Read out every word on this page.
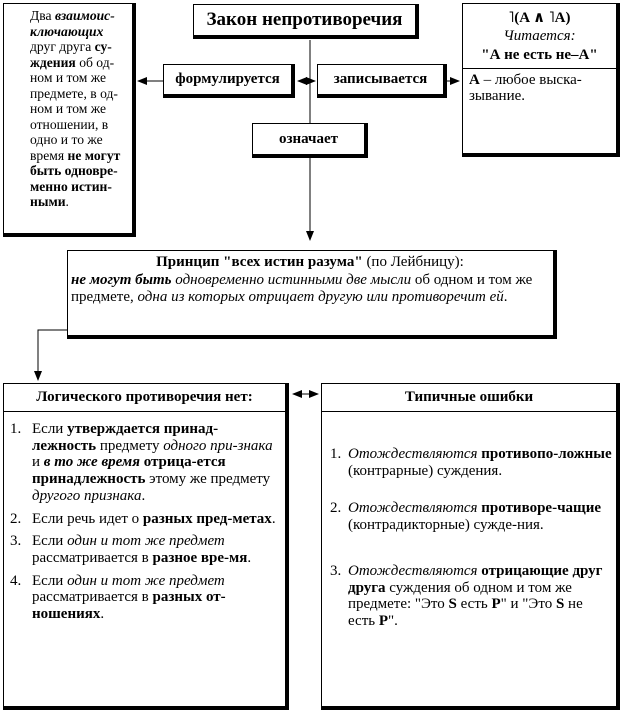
Закон непротиворечия
Два взаимоис-ключающих друг друга су-ждения об од-ном и том же предмете, в од-ном и том же отношении, в одно и то же время не могут быть одновре-менно истин-ными.
˥(A ∧ ˥A)
Читается:
"А не есть не–А"
А – любое выска-зывание.
формулируется	записывается
означает
Принцип "всех истин разума" (по Лейбницу):
не могут быть одновременно истинными две мысли об одном и том же предмете, одна из которых отрицает другую или противоречит ей.
Логического противоречия нет:
1. Если утверждается принад-лежность предмету одного при-знака и в то же время отрица-ется принадлежность этому же предмету другого признака.
2. Если речь идет о разных пред-метах.
3. Если один и тот же предмет рассматривается в разное вре-мя.
4. Если один и тот же предмет рассматривается в разных от-ношениях.
Типичные ошибки
1. Отождествляются противопо-ложные (контрарные) суждения.
2. Отождествляются противоре-чащие (контрадикторные) сужде-ния.
3. Отождествляются отрицающие друг друга суждения об одном и том же предмете: "Это S есть P" и "Это S не есть P".
